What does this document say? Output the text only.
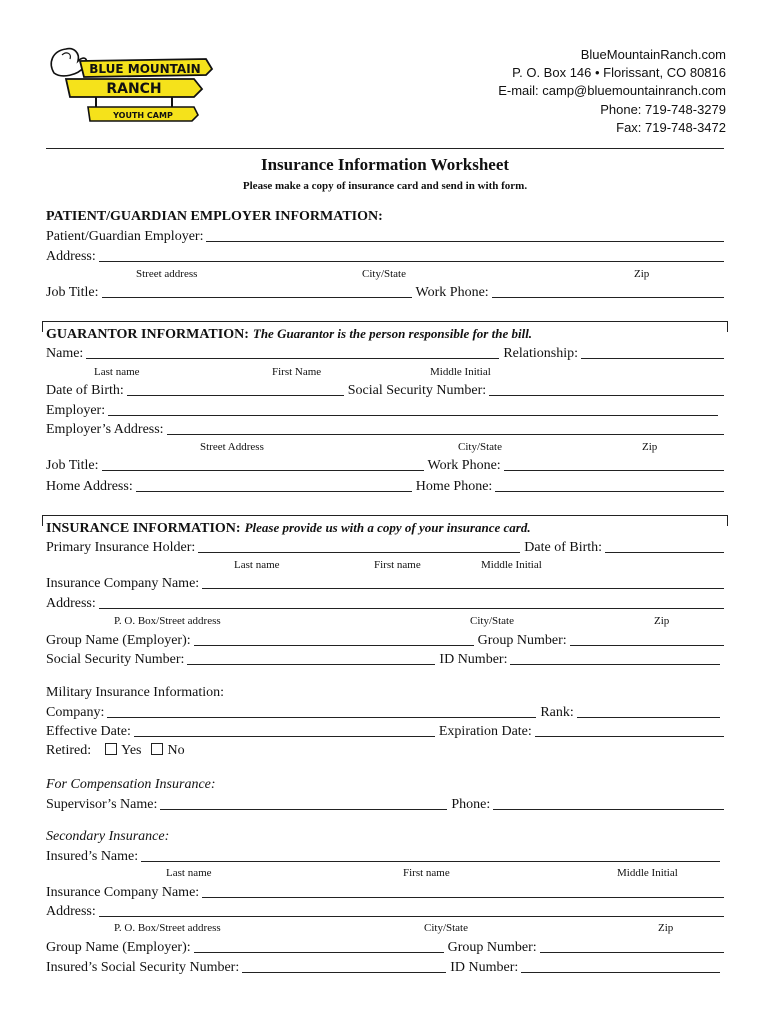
BLUE MOUNTAIN
RANCH
YOUTH CAMP
BlueMountainRanch.com
P. O. Box 146 • Florissant, CO 80816
E-mail: camp@bluemountainranch.com
Phone: 719-748-3279
Fax: 719-748-3472
Insurance Information Worksheet
Please make a copy of insurance card and send in with form.
PATIENT/GUARDIAN EMPLOYER INFORMATION:
Patient/Guardian Employer:
Address:
Street address	City/State	Zip
Job Title:	Work Phone:
GUARANTOR INFORMATION: The Guarantor is the person responsible for the bill.
Name:	Relationship:
Last name	First Name	Middle Initial
Date of Birth:	Social Security Number:
Employer:
Employer’s Address:
Street Address	City/State	Zip
Job Title:	Work Phone:
Home Address:	Home Phone:
INSURANCE INFORMATION: Please provide us with a copy of your insurance card.
Primary Insurance Holder:	Date of Birth:
Last name	First name	Middle Initial
Insurance Company Name:
Address:
P. O. Box/Street address	City/State	Zip
Group Name (Employer):	Group Number:
Social Security Number:	ID Number:
Military Insurance Information:
Company:	Rank:
Effective Date:	Expiration Date:
Retired: Yes No
For Compensation Insurance:
Supervisor’s Name:	Phone:
Secondary Insurance:
Insured’s Name:
Last name	First name	Middle Initial
Insurance Company Name:
Address:
P. O. Box/Street address	City/State	Zip
Group Name (Employer):	Group Number:
Insured’s Social Security Number:	ID Number:
